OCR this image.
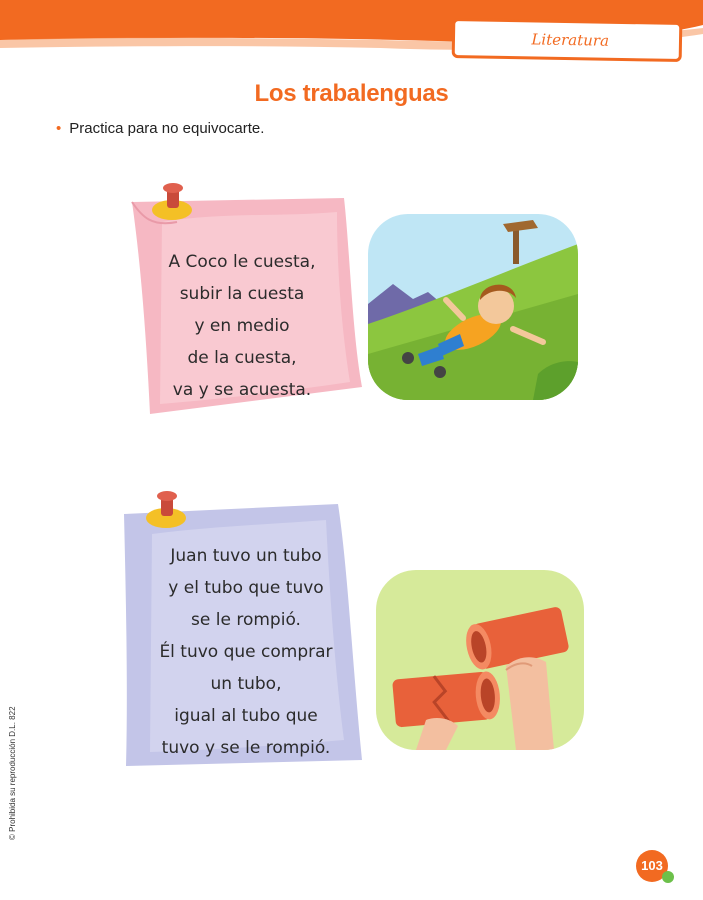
Literatura
Los trabalenguas
• Practica para no equivocarte.
A Coco le cuesta,
subir la cuesta
y en medio
de la cuesta,
va y se acuesta.
Juan tuvo un tubo
y el tubo que tuvo
se le rompió.
Él tuvo que comprar
un tubo,
igual al tubo que
tuvo y se le rompió.
© Prohibida su reproducción D.L. 822
103
